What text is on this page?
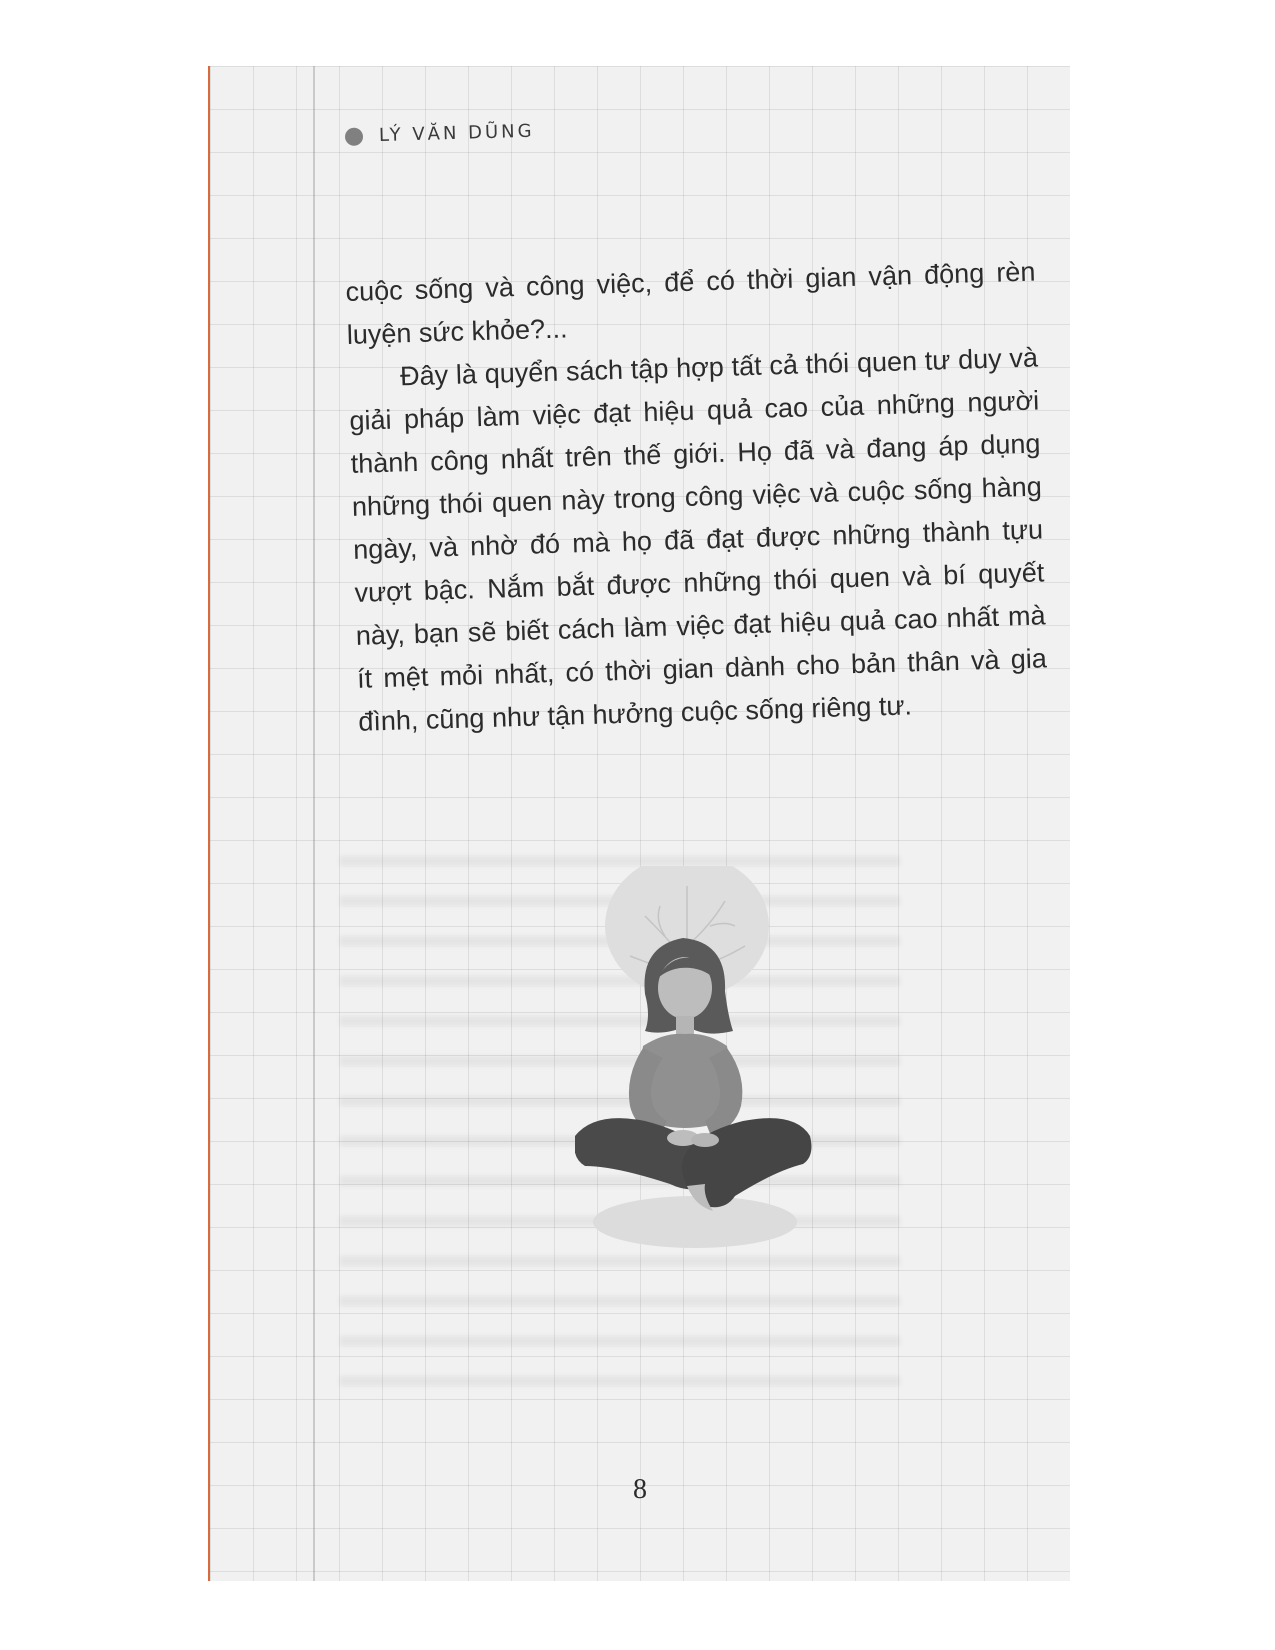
LÝ VĂN DŨNG

cuộc sống và công việc, để có thời gian vận động rèn luyện sức khỏe?...

Đây là quyển sách tập hợp tất cả thói quen tư duy và giải pháp làm việc đạt hiệu quả cao của những người thành công nhất trên thế giới. Họ đã và đang áp dụng những thói quen này trong công việc và cuộc sống hàng ngày, và nhờ đó mà họ đã đạt được những thành tựu vượt bậc. Nắm bắt được những thói quen và bí quyết này, bạn sẽ biết cách làm việc đạt hiệu quả cao nhất mà ít mệt mỏi nhất, có thời gian dành cho bản thân và gia đình, cũng như tận hưởng cuộc sống riêng tư.

8
